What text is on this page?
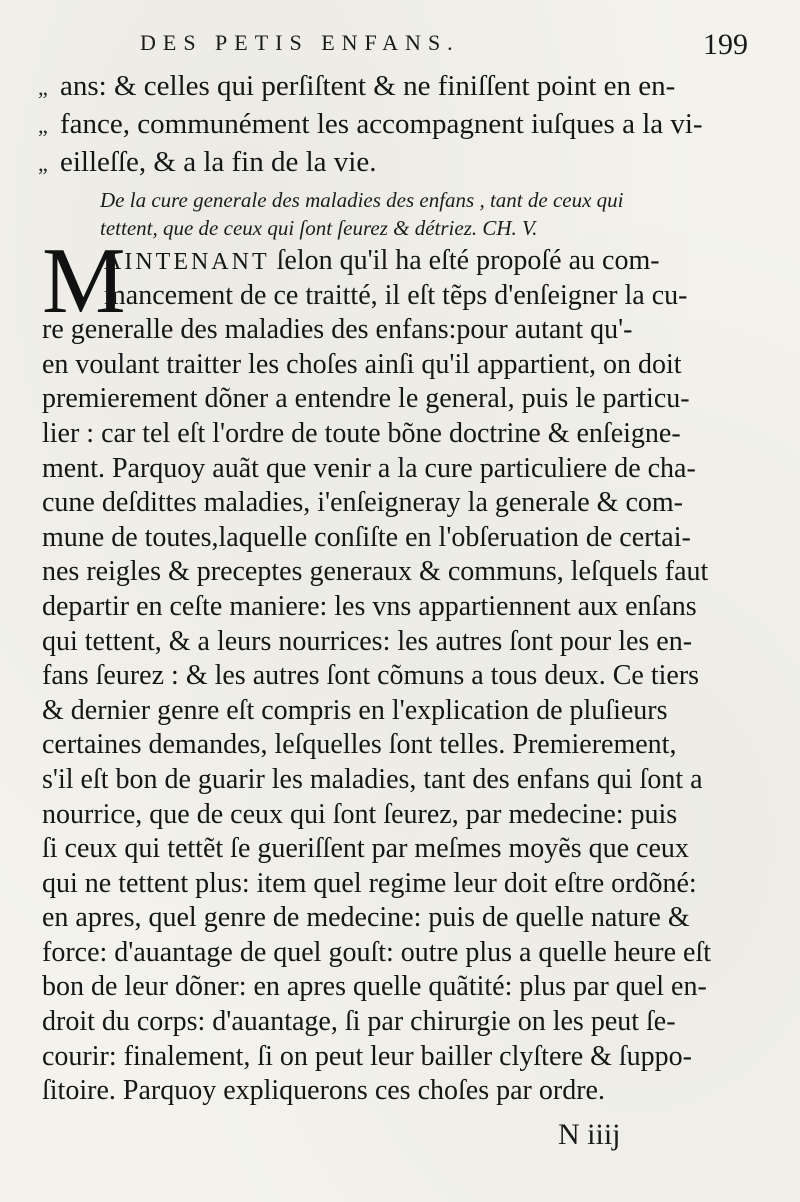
DES PETIS ENFANS.	199
„ ans: & celles qui perſiſtent & ne finiſſent point en en-
„ fance, communément les accompagnent iuſques a la vi-
„ eilleſſe, & a la fin de la vie.
De la cure generale des maladies des enfans , tant de ceux qui
tettent, que de ceux qui ſont ſeurez & détriez. CH. V.
M
AINTENANT ſelon qu'il ha eſté propoſé au com-
mancement de ce traitté, il eſt tẽps d'enſeigner la cu-
re generalle des maladies des enfans:pour autant qu'-
en voulant traitter les choſes ainſi qu'il appartient, on doit
premierement dõner a entendre le general, puis le particu-
lier : car tel eſt l'ordre de toute bõne doctrine & enſeigne-
ment. Parquoy auãt que venir a la cure particuliere de cha-
cune deſdittes maladies, i'enſeigneray la generale & com-
mune de toutes,laquelle conſiſte en l'obſeruation de certai-
nes reigles & preceptes generaux & communs, leſquels faut
departir en ceſte maniere: les vns appartiennent aux enſans
qui tettent, & a leurs nourrices: les autres ſont pour les en-
fans ſeurez : & les autres ſont cõmuns a tous deux. Ce tiers
& dernier genre eſt compris en l'explication de pluſieurs
certaines demandes, leſquelles ſont telles. Premierement,
s'il eſt bon de guarir les maladies, tant des enfans qui ſont a
nourrice, que de ceux qui ſont ſeurez, par medecine: puis
ſi ceux qui tettẽt ſe gueriſſent par meſmes moyẽs que ceux
qui ne tettent plus: item quel regime leur doit eſtre ordõné:
en apres, quel genre de medecine: puis de quelle nature &
force: d'auantage de quel gouſt: outre plus a quelle heure eſt
bon de leur dõner: en apres quelle quãtité: plus par quel en-
droit du corps: d'auantage, ſi par chirurgie on les peut ſe-
courir: finalement, ſi on peut leur bailler clyſtere & ſuppo-
ſitoire. Parquoy expliquerons ces choſes par ordre.
N iiij
